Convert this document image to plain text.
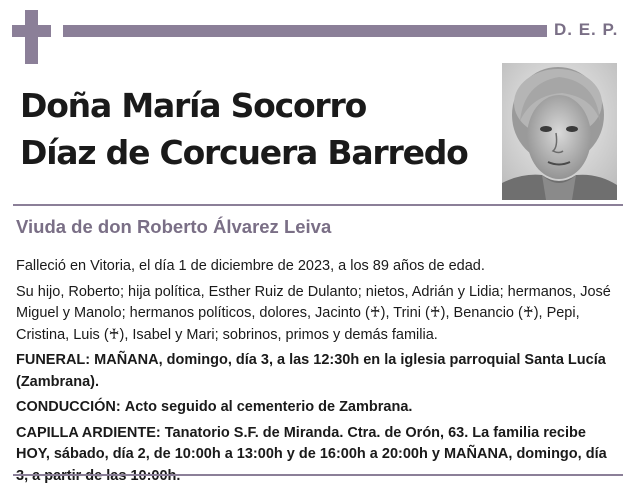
D. E. P.
Doña María Socorro
Díaz de Corcuera Barredo
Viuda de don Roberto Álvarez Leiva

Falleció en Vitoria, el día 1 de diciembre de 2023, a los 89 años de edad.

Su hijo, Roberto; hija política, Esther Ruiz de Dulanto; nietos, Adrián y Lidia; hermanos, José Miguel y Manolo; hermanos políticos, dolores, Jacinto (♰), Trini (♰), Benancio (♰), Pepi, Cristina, Luis (♰), Isabel y Mari; sobrinos, primos y demás familia.

FUNERAL: MAÑANA, domingo, día 3, a las 12:30h en la iglesia parroquial Santa Lucía (Zambrana).

CONDUCCIÓN: Acto seguido al cementerio de Zambrana.

CAPILLA ARDIENTE: Tanatorio S.F. de Miranda. Ctra. de Orón, 63. La familia recibe HOY, sábado, día 2, de 10:00h a 13:00h y de 16:00h a 20:00h y MAÑANA, domingo, día
